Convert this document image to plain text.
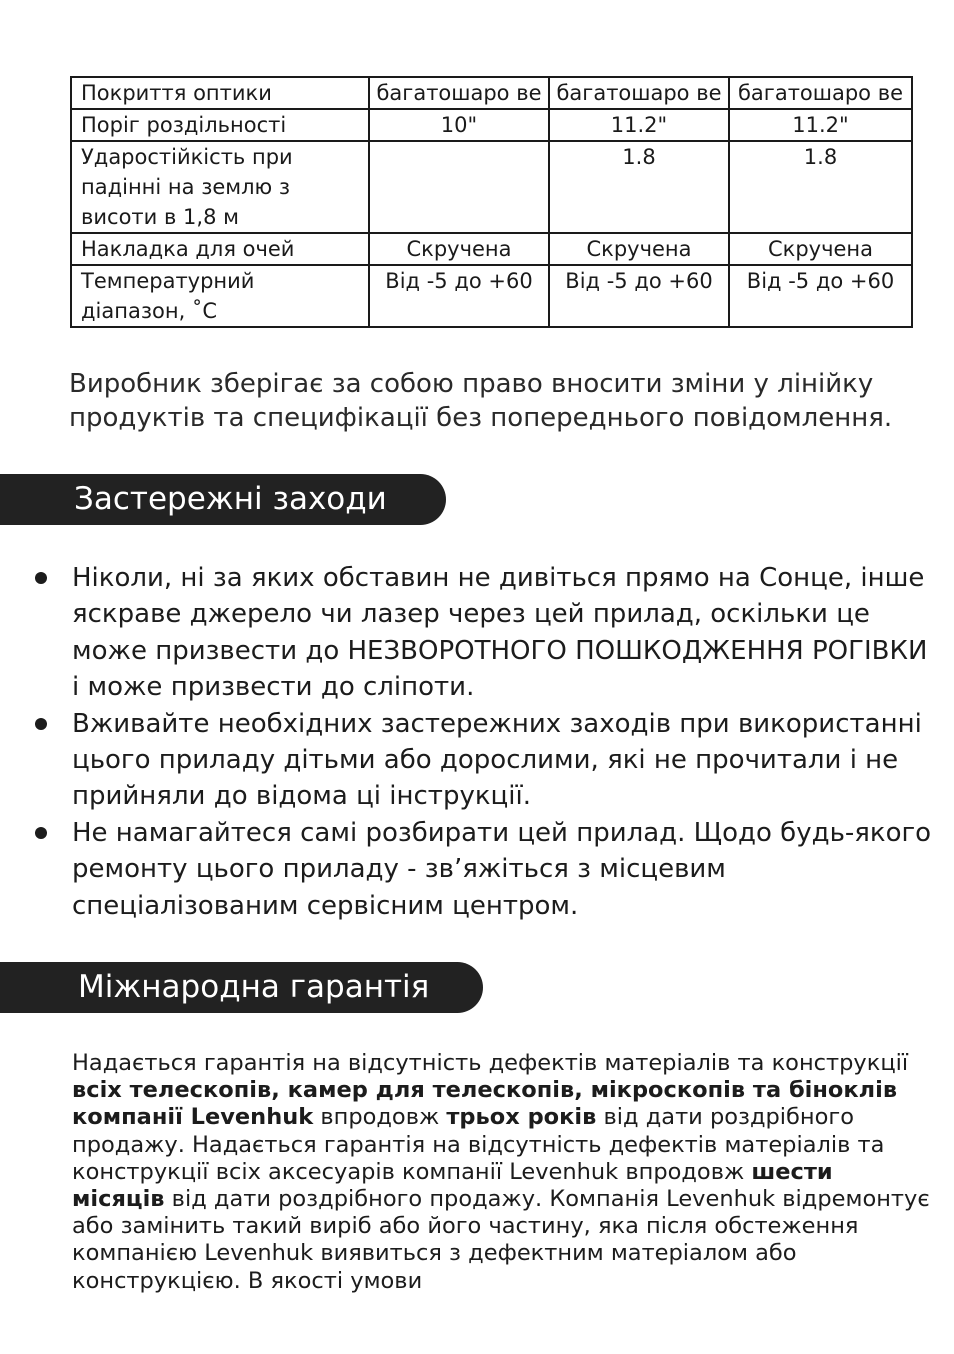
Покриття оптики	багатошаро ве	багатошаро ве	багатошаро ве
Поріг роздільності	10"	11.2"	11.2"
Ударостійкість при падінні на землю з висоти в 1,8 м		1.8	1.8
Накладка для очей	Скручена	Скручена	Скручена
Температурний діапазон, ˚С	Від -5 до +60	Від -5 до +60	Від -5 до +60

Виробник зберігає за собою право вносити зміни у лінійку продуктів та специфікації без попереднього повідомлення.

Застережні заходи
Ніколи, ні за яких обставин не дивіться прямо на Сонце, інше яскраве джерело чи лазер через цей прилад, оскільки це може призвести до НЕЗВОРОТНОГО ПОШКОДЖЕННЯ РОГІВКИ і може призвести до сліпоти.
Вживайте необхідних застережних заходів при використанні цього приладу дітьми або дорослими, які не прочитали і не прийняли до відома ці інструкції.
Не намагайтеся самі розбирати цей прилад. Щодо будь-якого ремонту цього приладу - зв’яжіться з місцевим спеціалізованим сервісним центром.
Міжнародна гарантія

Надається гарантія на відсутність дефектів матеріалів та конструкції всіх телескопів, камер для телескопів, мікроскопів та біноклів компанії Levenhuk впродовж трьох років від дати роздрібного продажу. Надається гарантія на відсутність дефектів матеріалів та конструкції всіх аксесуарів компанії Levenhuk впродовж шести місяців від дати роздрібного продажу. Компанія Levenhuk відремонтує або замінить такий виріб або його частину, яка після обстеження компанією Levenhuk виявиться з дефектним матеріалом або конструкцією. В якості умови
